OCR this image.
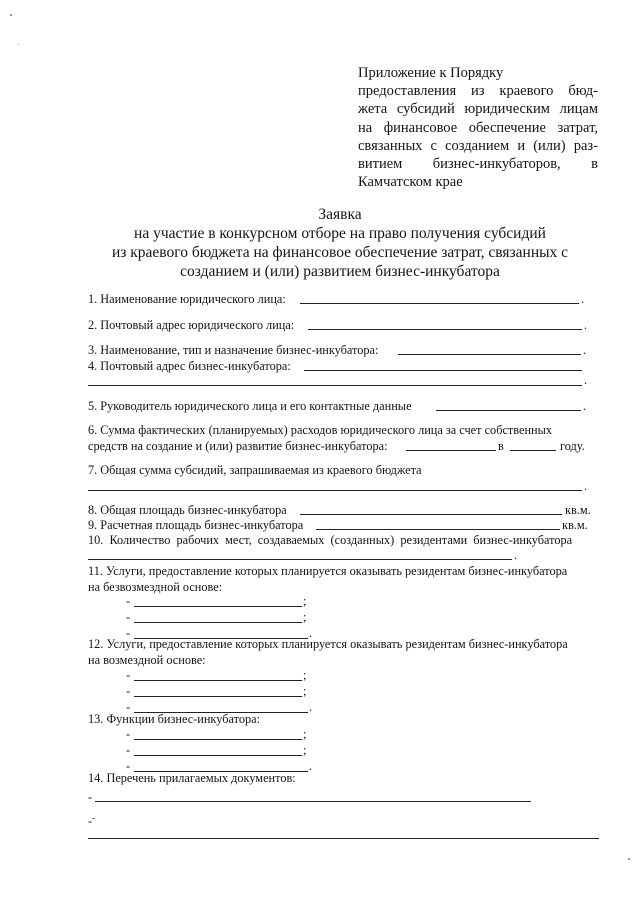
Приложение к Порядку
предоставления из краевого бюд-
жета субсидий юридическим лицам
на финансовое обеспечение затрат,
связанных с созданием и (или) раз-
витием бизнес-инкубаторов, в
Камчатском крае
Заявка
на участие в конкурсном отборе на право получения субсидий
из краевого бюджета на финансовое обеспечение затрат, связанных с
созданием и (или) развитием бизнес-инкубатора
1. Наименование юридического лица:	.
2. Почтовый адрес юридического лица:	.
3. Наименование, тип и назначение бизнес-инкубатора:	.
4. Почтовый адрес бизнес-инкубатора:
.
5. Руководитель юридического лица и его контактные данные	.
6. Сумма фактических (планируемых) расходов юридического лица за счет собственных
средств на создание и (или) развитие бизнес-инкубатора:	в	году.
7. Общая сумма субсидий, запрашиваемая из краевого бюджета
.
8. Общая площадь бизнес-инкубатора	кв.м.
9. Расчетная площадь бизнес-инкубатора	кв.м.
10. Количество рабочих мест, создаваемых (созданных) резидентами бизнес-инкубатора
.
11. Услуги, предоставление которых планируется оказывать резидентам бизнес-инкубатора
на безвозмездной основе:
-	;
-	;
-	.
12. Услуги, предоставление которых планируется оказывать резидентам бизнес-инкубатора
на возмездной основе:
-	;
-	;
-	.
13. Функции бизнес-инкубатора:
-	;
-	;
-	.
14. Перечень прилагаемых документов:
-
-
